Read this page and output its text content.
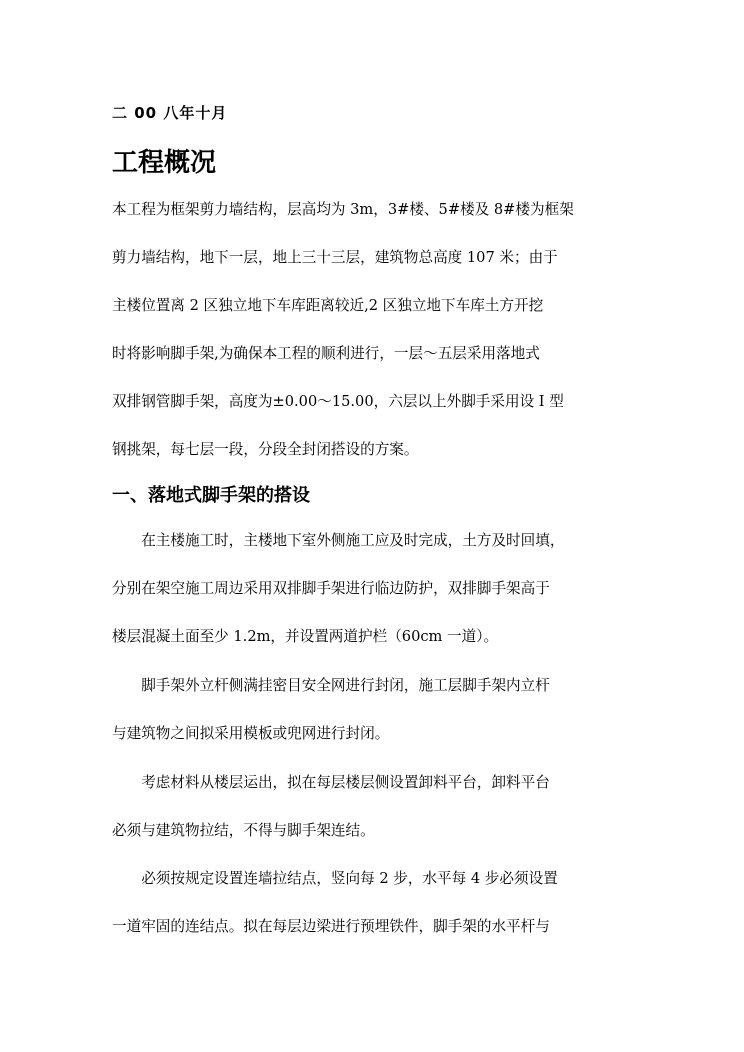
二 00 八年十月
工程概况
本工程为框架剪力墙结构，层高均为 3m，3#楼、5#楼及 8#楼为框架
剪力墙结构，地下一层，地上三十三层，建筑物总高度 107 米；由于
主楼位置离 2 区独立地下车库距离较近,2 区独立地下车库土方开挖
时将影响脚手架,为确保本工程的顺利进行，一层～五层采用落地式
双排钢管脚手架，高度为±0.00～15.00，六层以上外脚手采用设 I 型
钢挑架，每七层一段，分段全封闭搭设的方案。
一、落地式脚手架的搭设
　　在主楼施工时，主楼地下室外侧施工应及时完成，土方及时回填，
分别在架空施工周边采用双排脚手架进行临边防护，双排脚手架高于
楼层混凝土面至少 1.2m，并设置两道护栏（60cm 一道）。
　　脚手架外立杆侧满挂密目安全网进行封闭，施工层脚手架内立杆
与建筑物之间拟采用模板或兜网进行封闭。
　　考虑材料从楼层运出，拟在每层楼层侧设置卸料平台，卸料平台
必须与建筑物拉结，不得与脚手架连结。
　　必须按规定设置连墙拉结点，竖向每 2 步，水平每 4 步必须设置
一道牢固的连结点。拟在每层边梁进行预埋铁件，脚手架的水平杆与
